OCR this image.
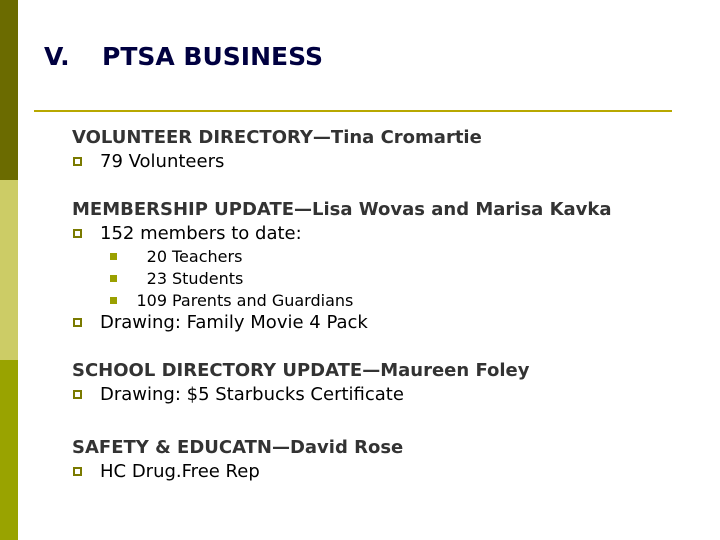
V. PTSA BUSINESS
VOLUNTEER DIRECTORY—Tina Cromartie
79 Volunteers
MEMBERSHIP UPDATE—Lisa Wovas and Marisa Kavka
152 members to date:
20 Teachers
23 Students
109 Parents and Guardians
Drawing: Family Movie 4 Pack
SCHOOL DIRECTORY UPDATE—Maureen Foley
Drawing: $5 Starbucks Certificate
SAFETY & EDUCATN—David Rose
HC Drug.Free Rep
